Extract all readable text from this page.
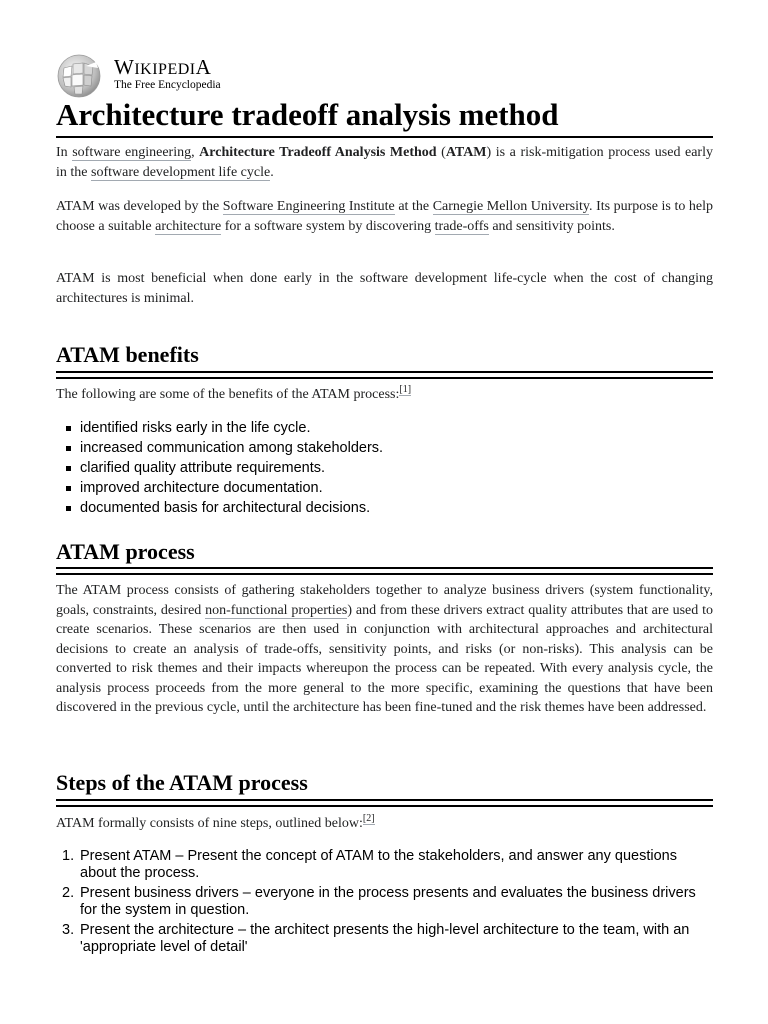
WIKIPEDIA
The Free Encyclopedia
Architecture tradeoff analysis method

In software engineering, Architecture Tradeoff Analysis Method (ATAM) is a risk-mitigation process used early in the software development life cycle.

ATAM was developed by the Software Engineering Institute at the Carnegie Mellon University. Its purpose is to help choose a suitable architecture for a software system by discovering trade-offs and sensitivity points.

ATAM is most beneficial when done early in the software development life-cycle when the cost of changing architectures is minimal.

ATAM benefits

The following are some of the benefits of the ATAM process:[1]

identified risks early in the life cycle.
increased communication among stakeholders.
clarified quality attribute requirements.
improved architecture documentation.
documented basis for architectural decisions.
ATAM process

The ATAM process consists of gathering stakeholders together to analyze business drivers (system functionality, goals, constraints, desired non-functional properties) and from these drivers extract quality attributes that are used to create scenarios. These scenarios are then used in conjunction with architectural approaches and architectural decisions to create an analysis of trade-offs, sensitivity points, and risks (or non-risks). This analysis can be converted to risk themes and their impacts whereupon the process can be repeated. With every analysis cycle, the analysis process proceeds from the more general to the more specific, examining the questions that have been discovered in the previous cycle, until the architecture has been fine-tuned and the risk themes have been addressed.

Steps of the ATAM process

ATAM formally consists of nine steps, outlined below:[2]

1. Present ATAM – Present the concept of ATAM to the stakeholders, and answer any questions about the process.
2. Present business drivers – everyone in the process presents and evaluates the business drivers for the system in question.
3. Present the architecture – the architect presents the high-level architecture to the team, with an 'appropriate level of detail'
